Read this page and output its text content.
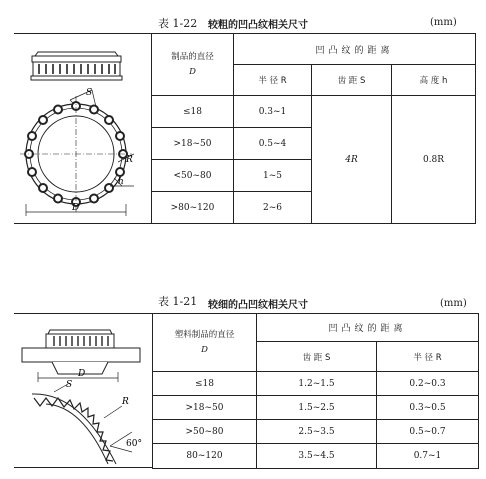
表 1-22 较粗的凹凸纹相关尺寸	(mm)
S
R
h
D
制品的直径
D	凹凸纹的距离		
	半 径 R	齿 距 S	高 度 h
≤18	0.3~1	4R	0.8R
>18~50	0.5~4		
<50~80	1~5		
>80~120	2~6		
表 1-21 较细的凸凹纹相关尺寸	(mm)
D
S
R
60°
塑料制品的直径
D	凹凸纹的距离	
	齿 距 S	半 径 R
≤18	1.2~1.5	0.2~0.3
>18~50	1.5~2.5	0.3~0.5
>50~80	2.5~3.5	0.5~0.7
80~120	3.5~4.5	0.7~1
